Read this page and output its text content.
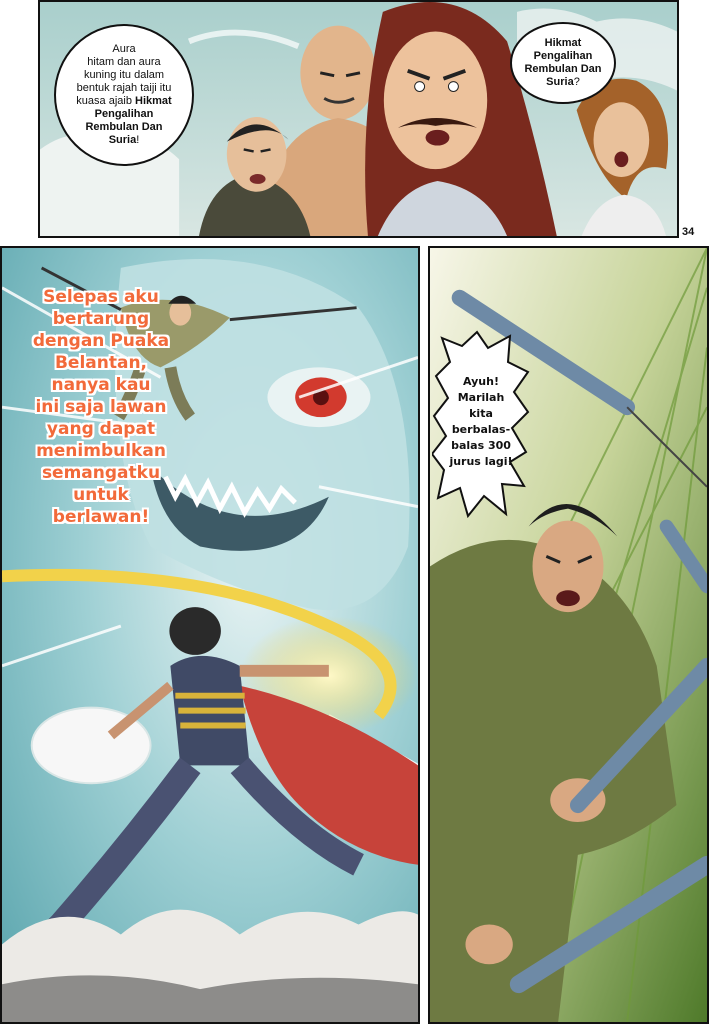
Aura
hitam dan aura
kuning itu dalam
bentuk rajah taiji itu
kuasa ajaib Hikmat
Pengalihan
Rembulan Dan
Suria!
Hikmat
Pengalihan
Rembulan Dan
Suria?
34
Selepas aku
bertarung
dengan Puaka
Belantan,
nanya kau
ini saja lawan
yang dapat
menimbulkan
semangatku
untuk
berlawan!
Ayuh!
Marilah
kita
berbalas-
balas 300
jurus lagi!
